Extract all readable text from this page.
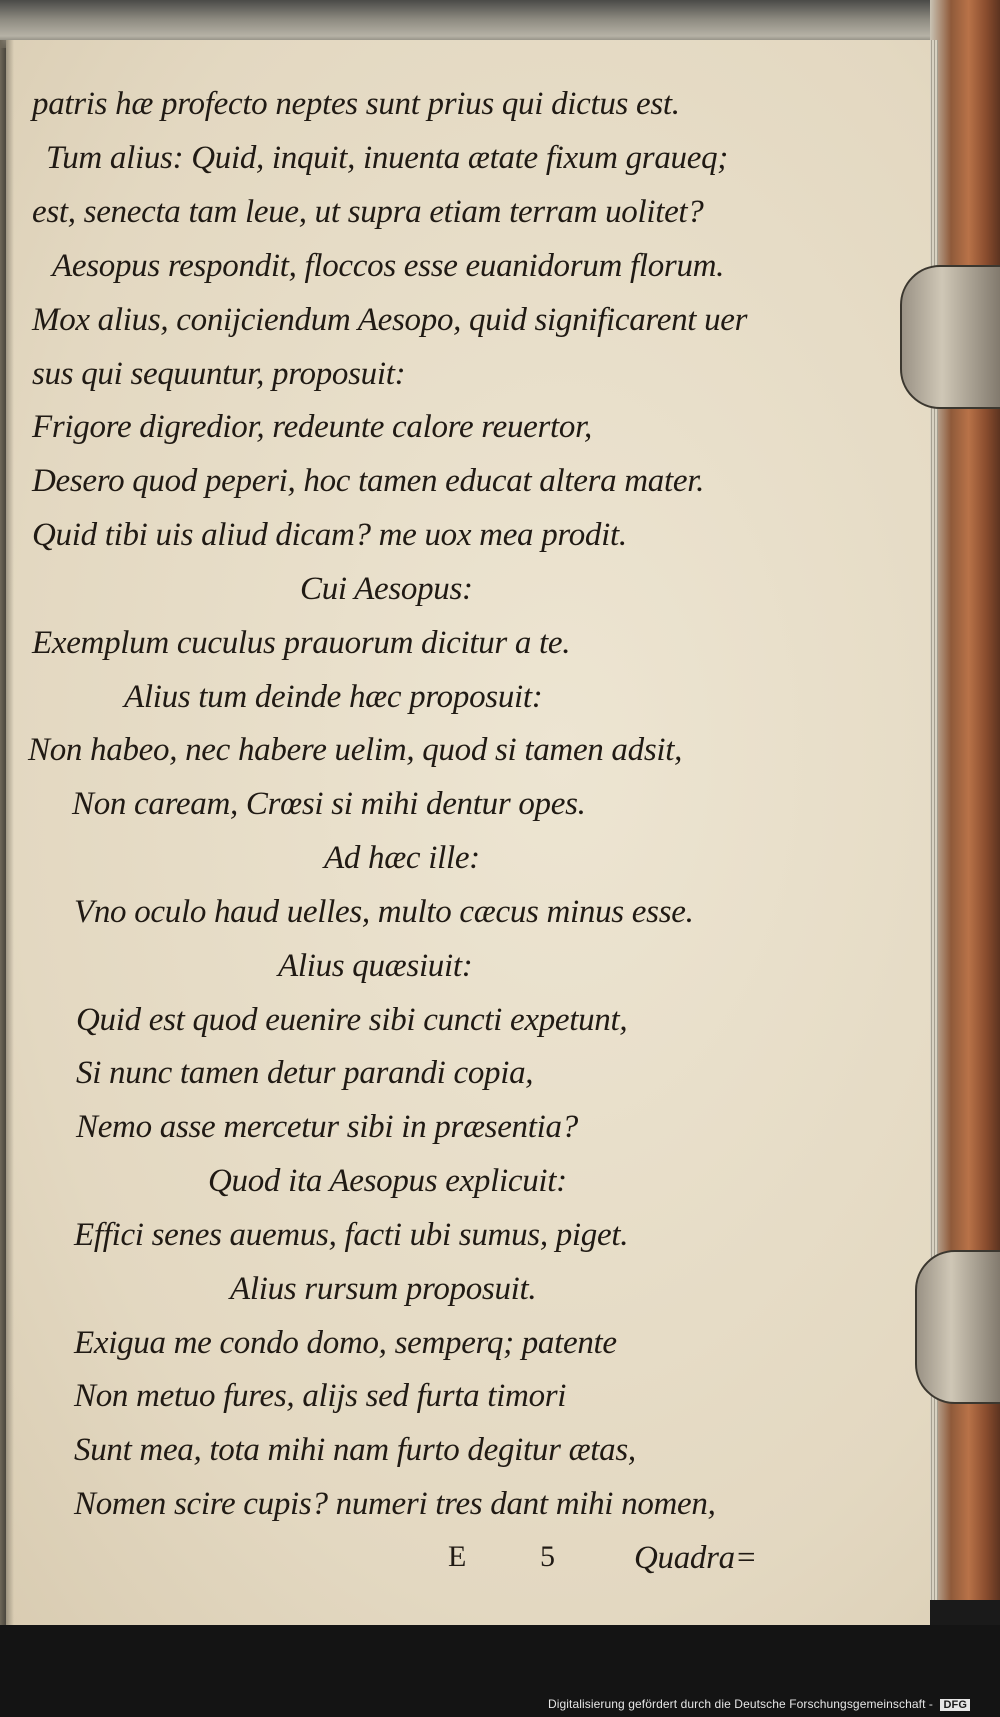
patris hæ profecto neptes sunt prius qui dictus est.
Tum alius: Quid, inquit, inuenta ætate fixum graueq;
est, senecta tam leue, ut supra etiam terram uolitet?
Aesopus respondit, floccos esse euanidorum florum.
Mox alius, conijciendum Aesopo, quid significarent uer
sus qui sequuntur, proposuit:
Frigore digredior, redeunte calore reuertor,
Desero quod peperi, hoc tamen educat altera mater.
Quid tibi uis aliud dicam? me uox mea prodit.
Cui Aesopus:
Exemplum cuculus prauorum dicitur a te.
Alius tum deinde hæc proposuit:
Non habeo, nec habere uelim, quod si tamen adsit,
Non caream, Crœsi si mihi dentur opes.
Ad hæc ille:
Vno oculo haud uelles, multo cæcus minus esse.
Alius quæsiuit:
Quid est quod euenire sibi cuncti expetunt,
Si nunc tamen detur parandi copia,
Nemo asse mercetur sibi in præsentia?
Quod ita Aesopus explicuit:
Effici senes auemus, facti ubi sumus, piget.
Alius rursum proposuit.
Exigua me condo domo, semperq; patente
Non metuo fures, alijs sed furta timori
Sunt mea, tota mihi nam furto degitur ætas,
Nomen scire cupis? numeri tres dant mihi nomen,
E 5 Quadra=
Digitalisierung gefördert durch die Deutsche Forschungsgemeinschaft - DFG
